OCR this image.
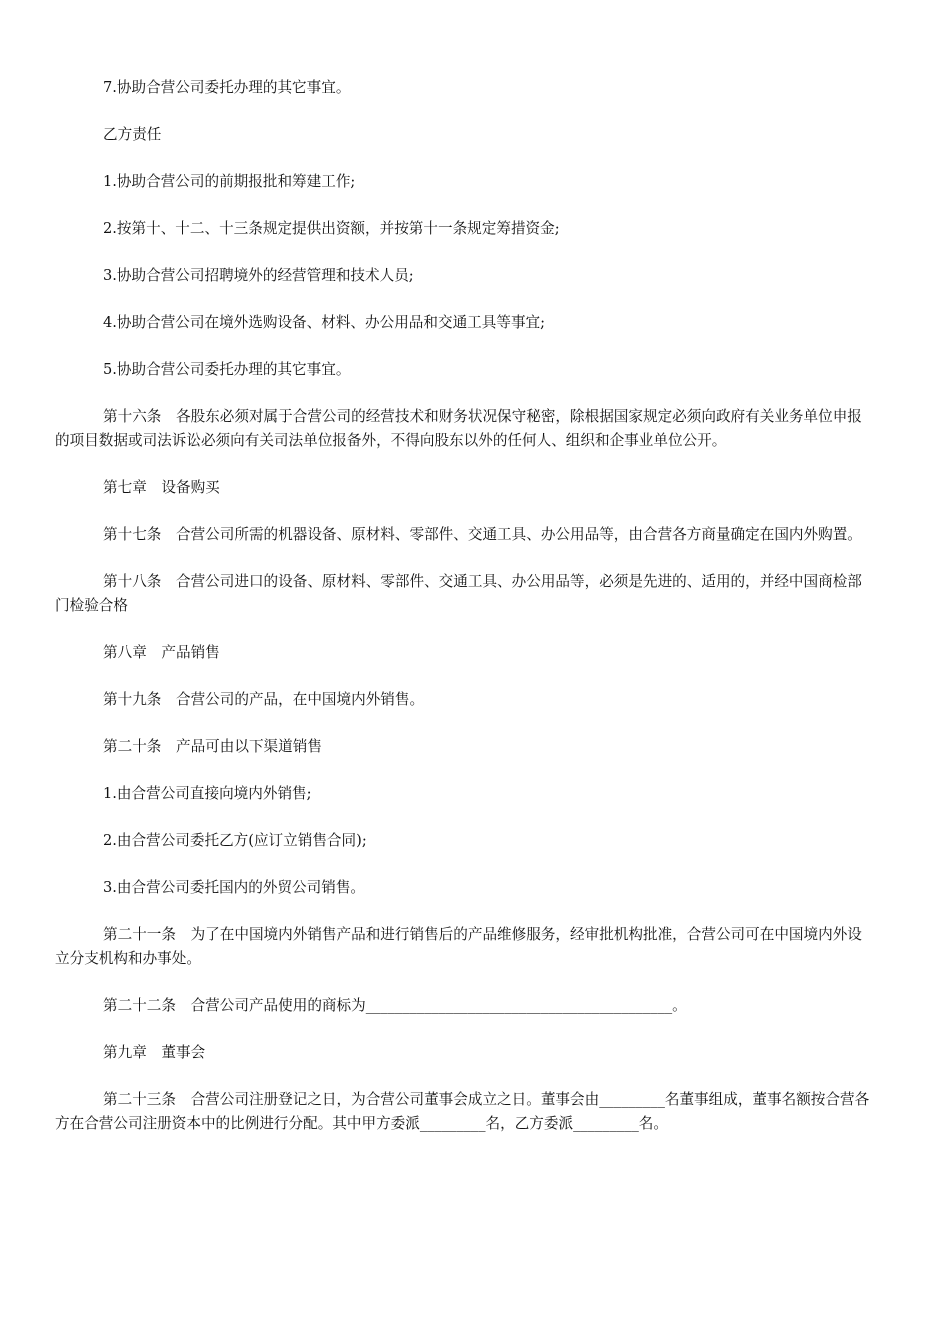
7.协助合营公司委托办理的其它事宜。

乙方责任

1.协助合营公司的前期报批和筹建工作;

2.按第十、十二、十三条规定提供出资额，并按第十一条规定筹措资金;

3.协助合营公司招聘境外的经营管理和技术人员;

4.协助合营公司在境外选购设备、材料、办公用品和交通工具等事宜;

5.协助合营公司委托办理的其它事宜。

第十六条　各股东必须对属于合营公司的经营技术和财务状况保守秘密，除根据国家规定必须向政府有关业务单位申报的项目数据或司法诉讼必须向有关司法单位报备外，不得向股东以外的任何人、组织和企事业单位公开。

第七章　设备购买

第十七条　合营公司所需的机器设备、原材料、零部件、交通工具、办公用品等，由合营各方商量确定在国内外购置。

第十八条　合营公司进口的设备、原材料、零部件、交通工具、办公用品等，必须是先进的、适用的，并经中国商检部门检验合格

第八章　产品销售

第十九条　合营公司的产品，在中国境内外销售。

第二十条　产品可由以下渠道销售

1.由合营公司直接向境内外销售;

2.由合营公司委托乙方(应订立销售合同);

3.由合营公司委托国内的外贸公司销售。

第二十一条　为了在中国境内外销售产品和进行销售后的产品维修服务，经审批机构批准，合营公司可在中国境内外设立分支机构和办事处。

第二十二条　合营公司产品使用的商标为__________________________________________。

第九章　董事会

第二十三条　合营公司注册登记之日，为合营公司董事会成立之日。董事会由_________名董事组成，董事名额按合营各方在合营公司注册资本中的比例进行分配。其中甲方委派_________名，乙方委派_________名。
